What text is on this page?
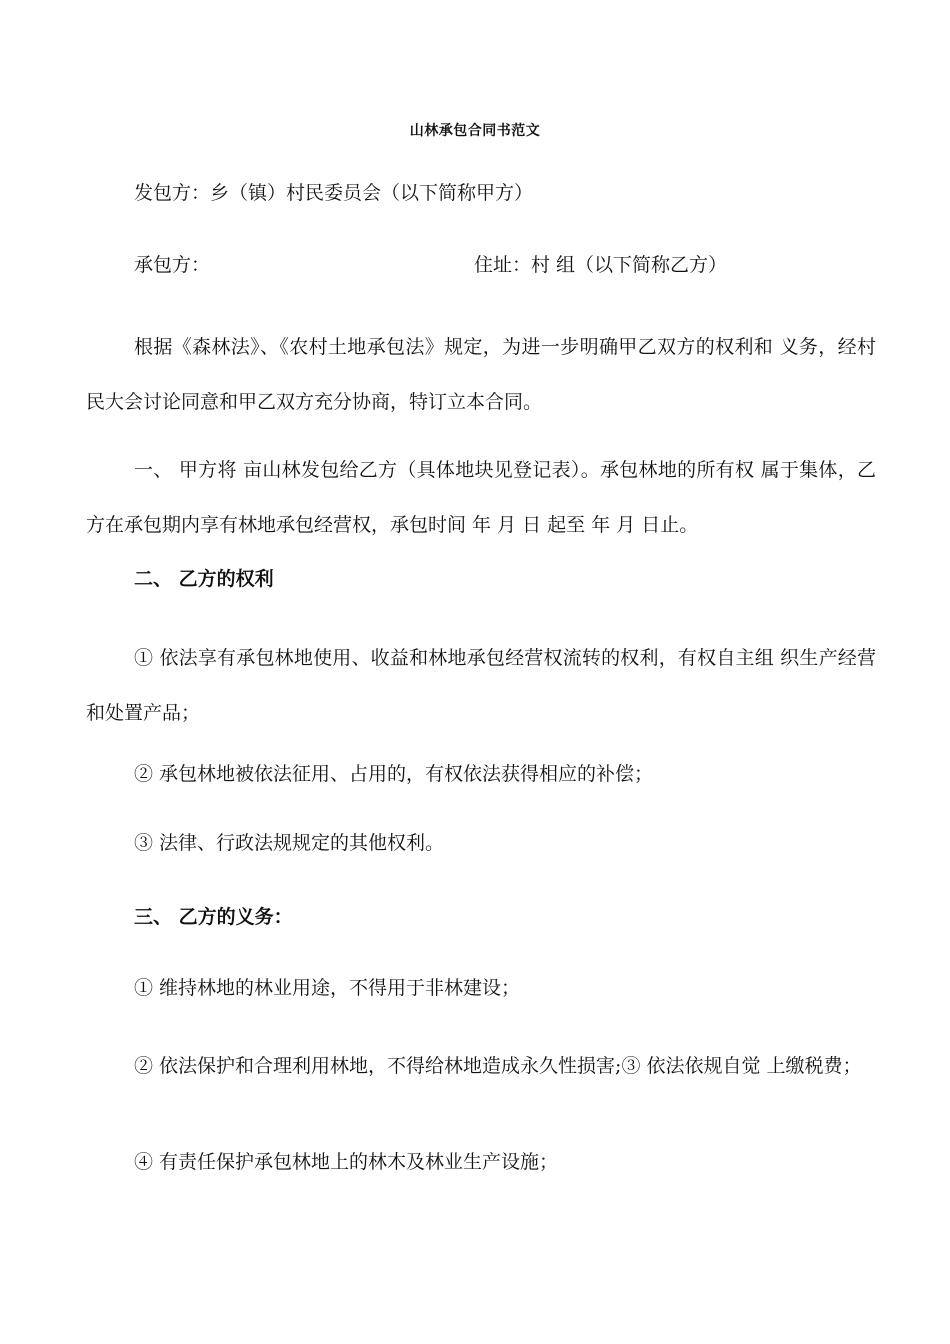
山林承包合同书范文
发包方：乡（镇）村民委员会（以下简称甲方）
承包方：	住址：村 组（以下简称乙方）
根据《森林法》、《农村土地承包法》规定，为进一步明确甲乙双方的权利和 义务，经村民大会讨论同意和甲乙双方充分协商，特订立本合同。
一、 甲方将 亩山林发包给乙方（具体地块见登记表）。承包林地的所有权 属于集体，乙方在承包期内享有林地承包经营权，承包时间 年 月 日 起至 年 月 日止。
二、 乙方的权利
① 依法享有承包林地使用、收益和林地承包经营权流转的权利，有权自主组 织生产经营和处置产品；
② 承包林地被依法征用、占用的，有权依法获得相应的补偿；
③ 法律、行政法规规定的其他权利。
三、 乙方的义务：
① 维持林地的林业用途，不得用于非林建设；
② 依法保护和合理利用林地，不得给林地造成永久性损害;③ 依法依规自觉 上缴税费；
④ 有责任保护承包林地上的林木及林业生产设施；
